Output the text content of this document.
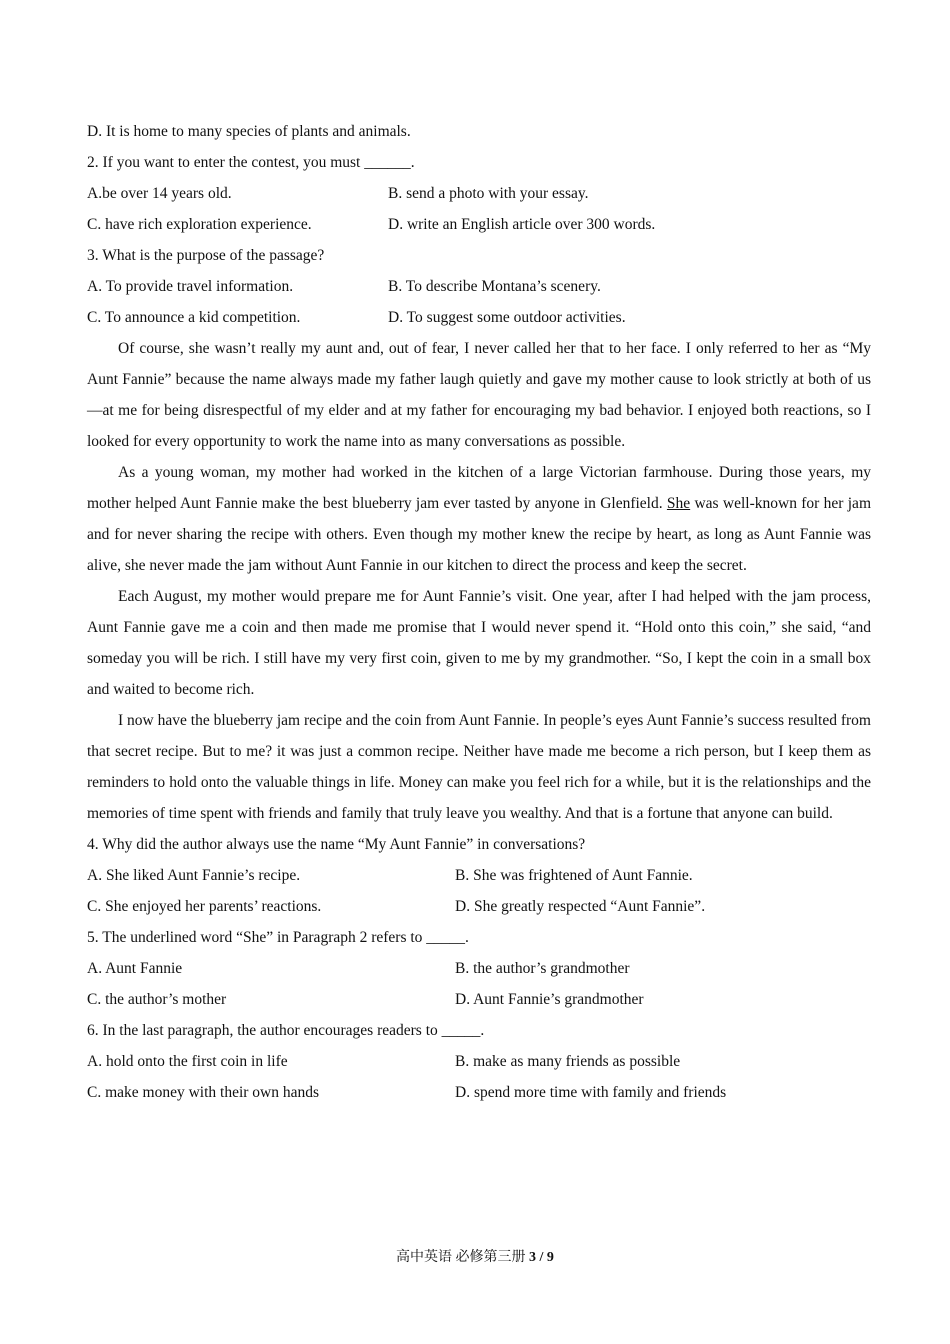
D. It is home to many species of plants and animals.
2. If you want to enter the contest, you must ______.
A.be over 14 years old.	B. send a photo with your essay.
C. have rich exploration experience.	D. write an English article over 300 words.
3. What is the purpose of the passage?
A. To provide travel information.	B. To describe Montana’s scenery.
C. To announce a kid competition.	D. To suggest some outdoor activities.
Of course, she wasn’t really my aunt and, out of fear, I never called her that to her face. I only referred to her as “My Aunt Fannie” because the name always made my father laugh quietly and gave my mother cause to look strictly at both of us—at me for being disrespectful of my elder and at my father for encouraging my bad behavior. I enjoyed both reactions, so I looked for every opportunity to work the name into as many conversations as possible.
As a young woman, my mother had worked in the kitchen of a large Victorian farmhouse. During those years, my mother helped Aunt Fannie make the best blueberry jam ever tasted by anyone in Glenfield. She was well-known for her jam and for never sharing the recipe with others. Even though my mother knew the recipe by heart, as long as Aunt Fannie was alive, she never made the jam without Aunt Fannie in our kitchen to direct the process and keep the secret.
Each August, my mother would prepare me for Aunt Fannie’s visit. One year, after I had helped with the jam process, Aunt Fannie gave me a coin and then made me promise that I would never spend it. “Hold onto this coin,” she said, “and someday you will be rich. I still have my very first coin, given to me by my grandmother. “So, I kept the coin in a small box and waited to become rich.
I now have the blueberry jam recipe and the coin from Aunt Fannie. In people’s eyes Aunt Fannie’s success resulted from that secret recipe. But to me? it was just a common recipe. Neither have made me become a rich person, but I keep them as reminders to hold onto the valuable things in life. Money can make you feel rich for a while, but it is the relationships and the memories of time spent with friends and family that truly leave you wealthy. And that is a fortune that anyone can build.
4. Why did the author always use the name “My Aunt Fannie” in conversations?
A. She liked Aunt Fannie’s recipe.	B. She was frightened of Aunt Fannie.
C. She enjoyed her parents’ reactions.	D. She greatly respected “Aunt Fannie”.
5. The underlined word “She” in Paragraph 2 refers to _____.
A. Aunt Fannie	B. the author’s grandmother
C. the author’s mother	D. Aunt Fannie’s grandmother
6. In the last paragraph, the author encourages readers to _____.
A. hold onto the first coin in life	B. make as many friends as possible
C. make money with their own hands	D. spend more time with family and friends
高中英语 必修第三册 3 / 9
